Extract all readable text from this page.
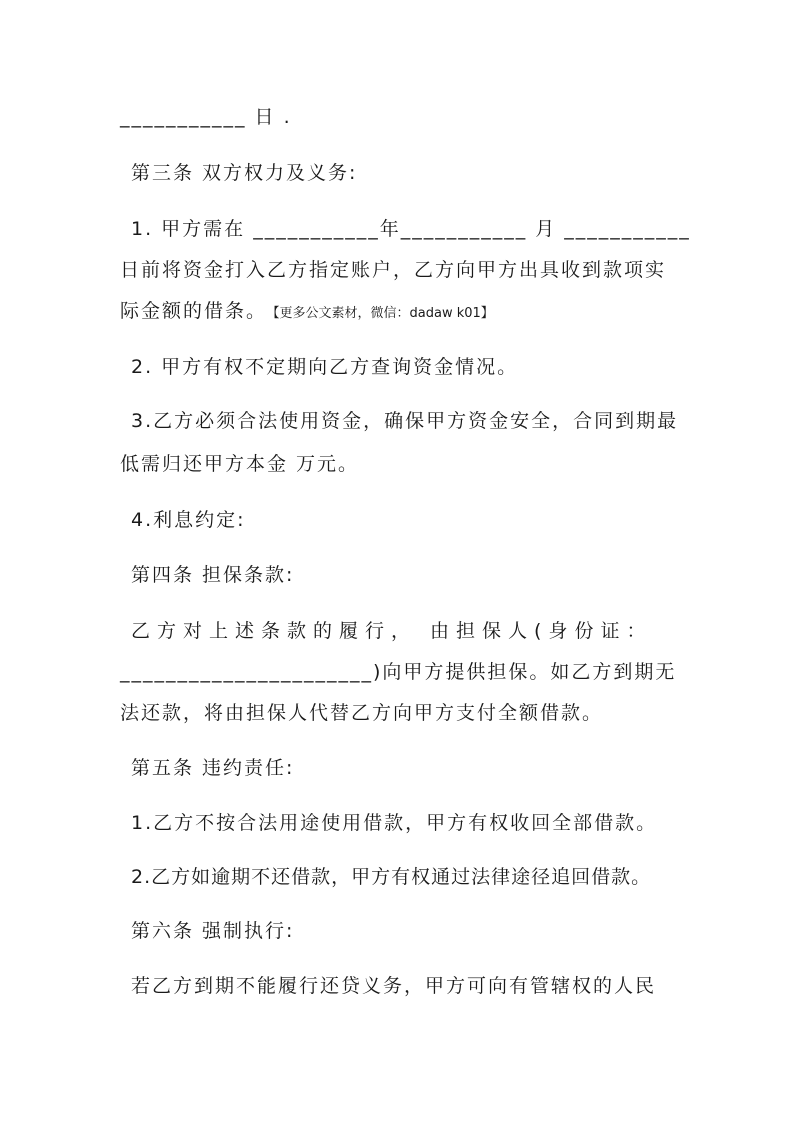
___________ 日 .
第三条 双方权力及义务:
1. 甲方需在 ___________年___________ 月 ___________
日前将资金打入乙方指定账户，乙方向甲方出具收到款项实
际金额的借条。 【更多公文素材，微信：dadaw k01】
2. 甲方有权不定期向乙方查询资金情况。
3.乙方必须合法使用资金，确保甲方资金安全，合同到期最
低需归还甲方本金 万元。
4.利息约定:
第四条 担保条款:
乙方对上述条款的履行， 由担保人(身份证：
______________________)向甲方提供担保。如乙方到期无
法还款，将由担保人代替乙方向甲方支付全额借款。
第五条 违约责任:
1.乙方不按合法用途使用借款，甲方有权收回全部借款。
2.乙方如逾期不还借款，甲方有权通过法律途径追回借款。
第六条 强制执行:
若乙方到期不能履行还贷义务，甲方可向有管辖权的人民
